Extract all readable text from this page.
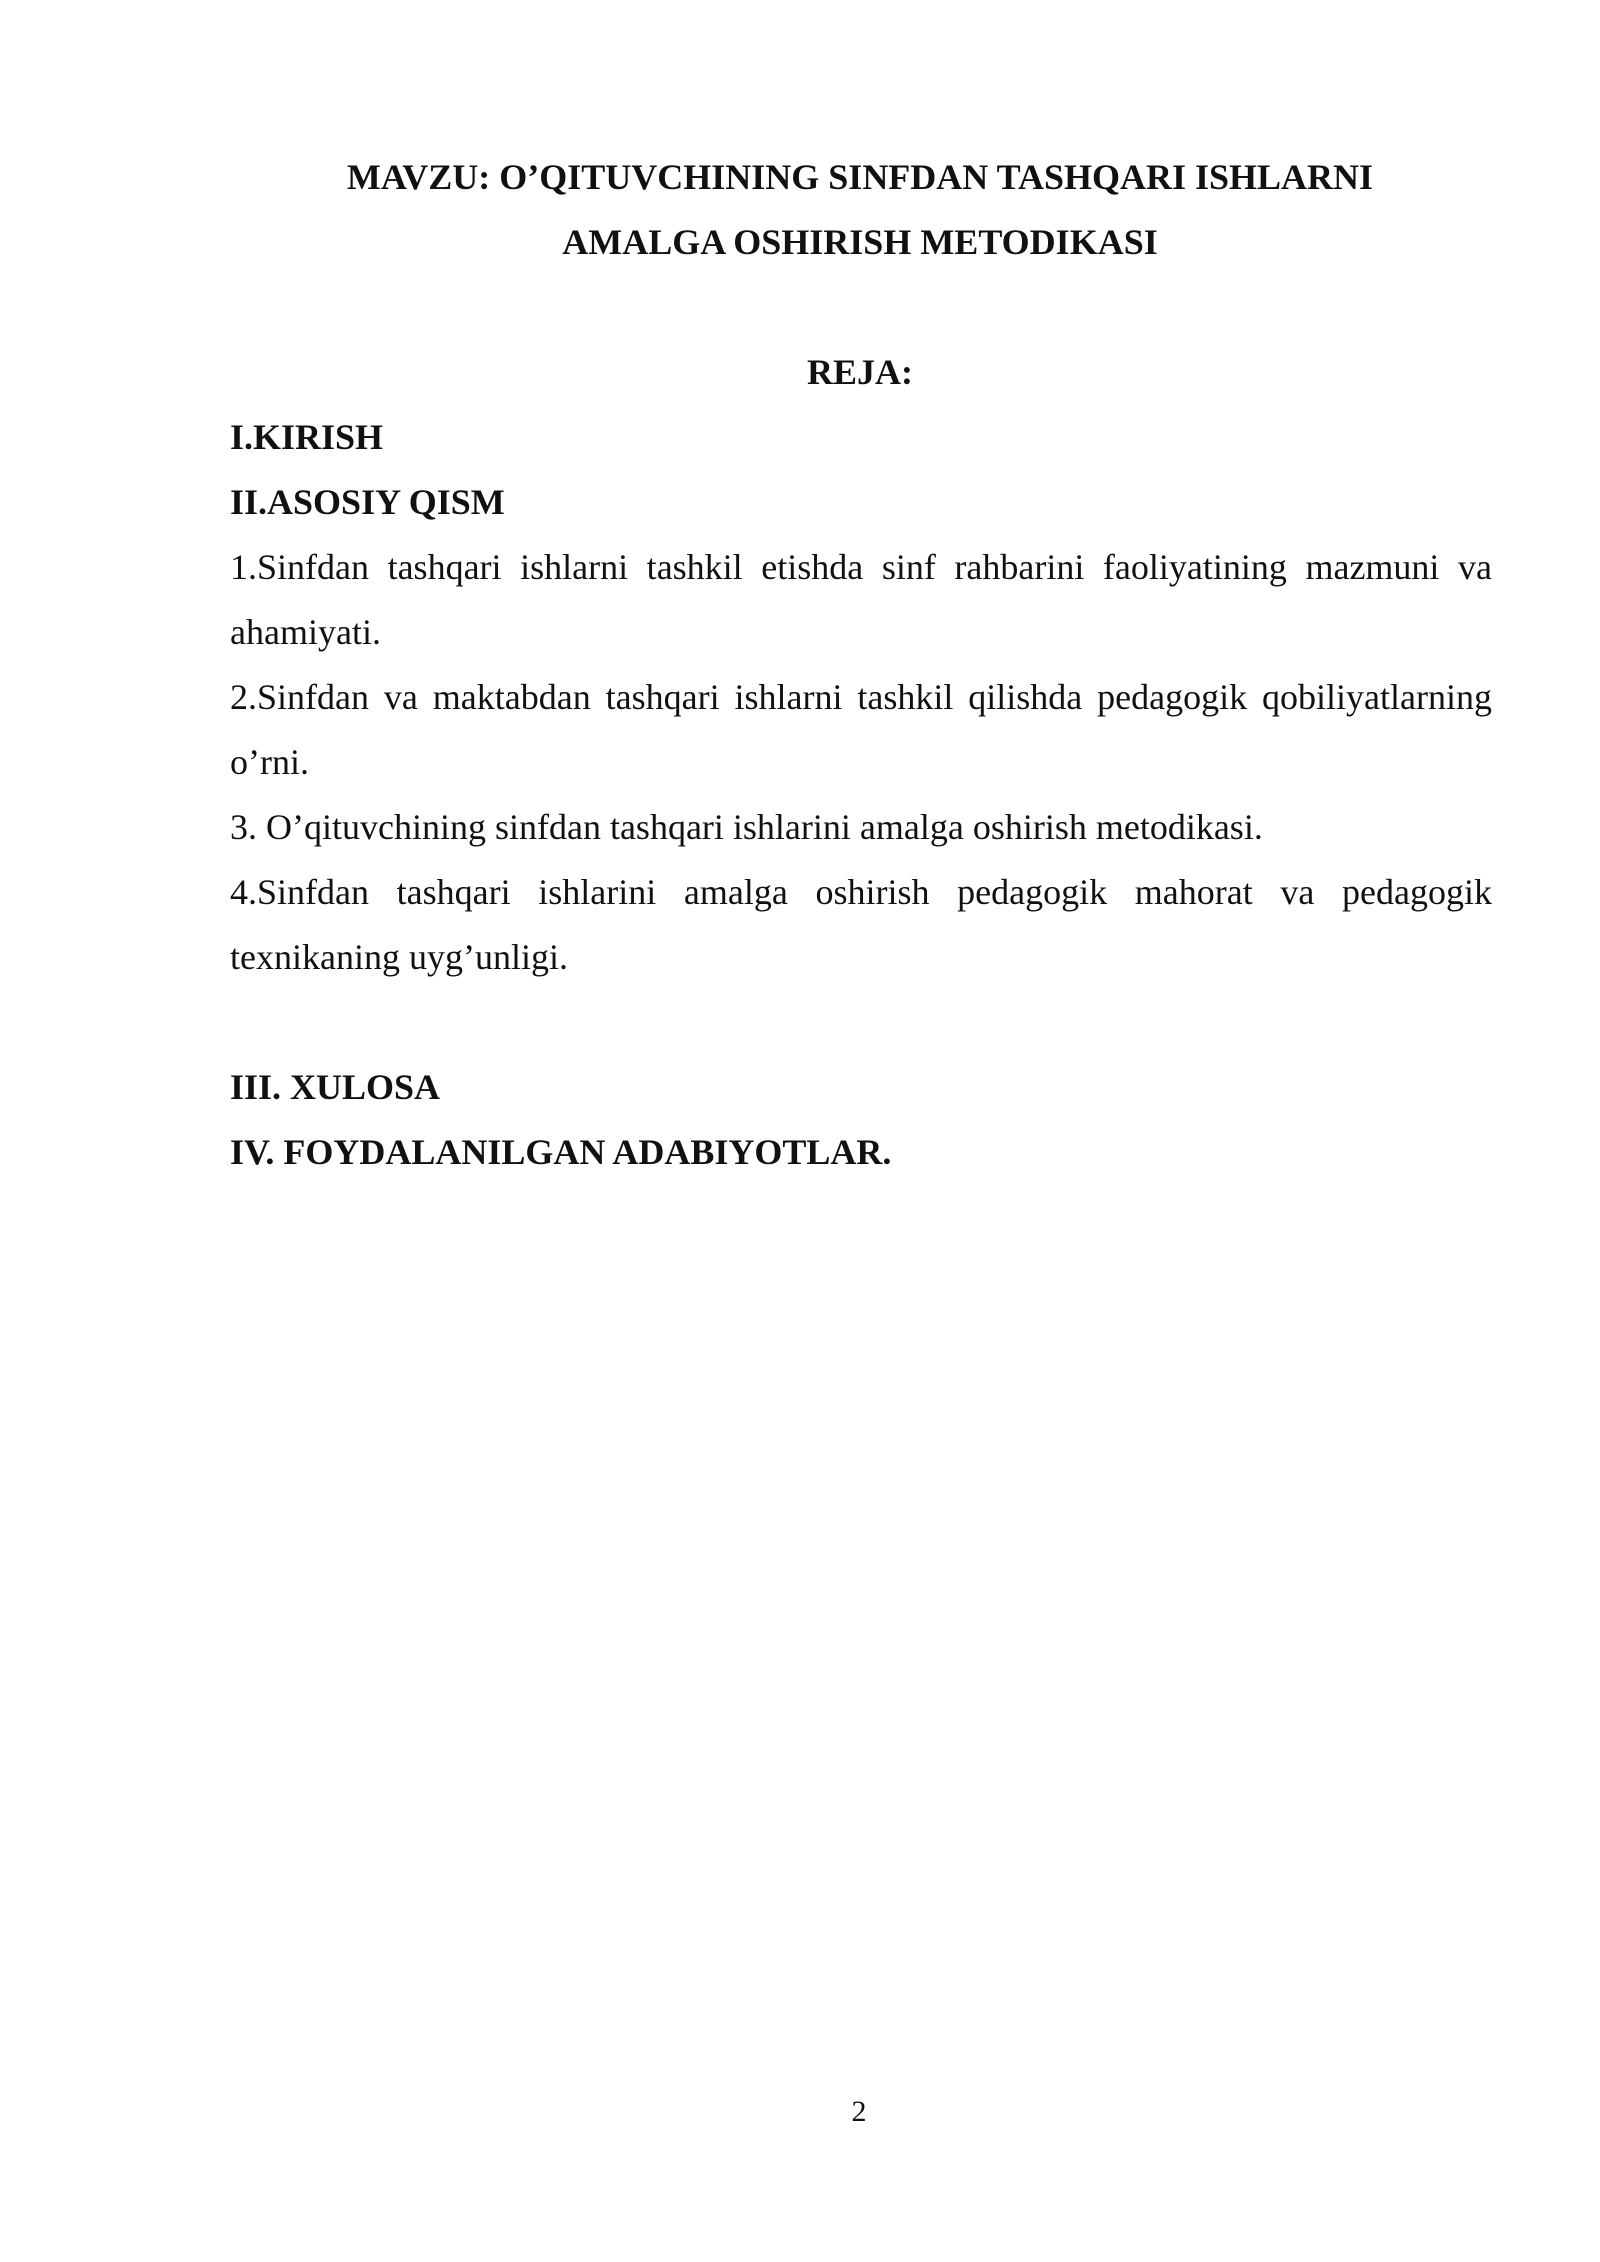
MAVZU: O’QITUVCHINING SINFDAN TASHQARI ISHLARNI
AMALGA OSHIRISH METODIKASI
REJA:
I.KIRISH
II.ASOSIY QISM
1.Sinfdan tashqari ishlarni tashkil etishda sinf rahbarini faoliyatining mazmuni va ahamiyati.
2.Sinfdan va maktabdan tashqari ishlarni tashkil qilishda pedagogik qobiliyatlarning o’rni.
3. O’qituvchining sinfdan tashqari ishlarini amalga oshirish metodikasi.
4.Sinfdan tashqari ishlarini amalga oshirish pedagogik mahorat va pedagogik texnikaning uyg’unligi.
III. XULOSA
IV. FOYDALANILGAN ADABIYOTLAR.
2
